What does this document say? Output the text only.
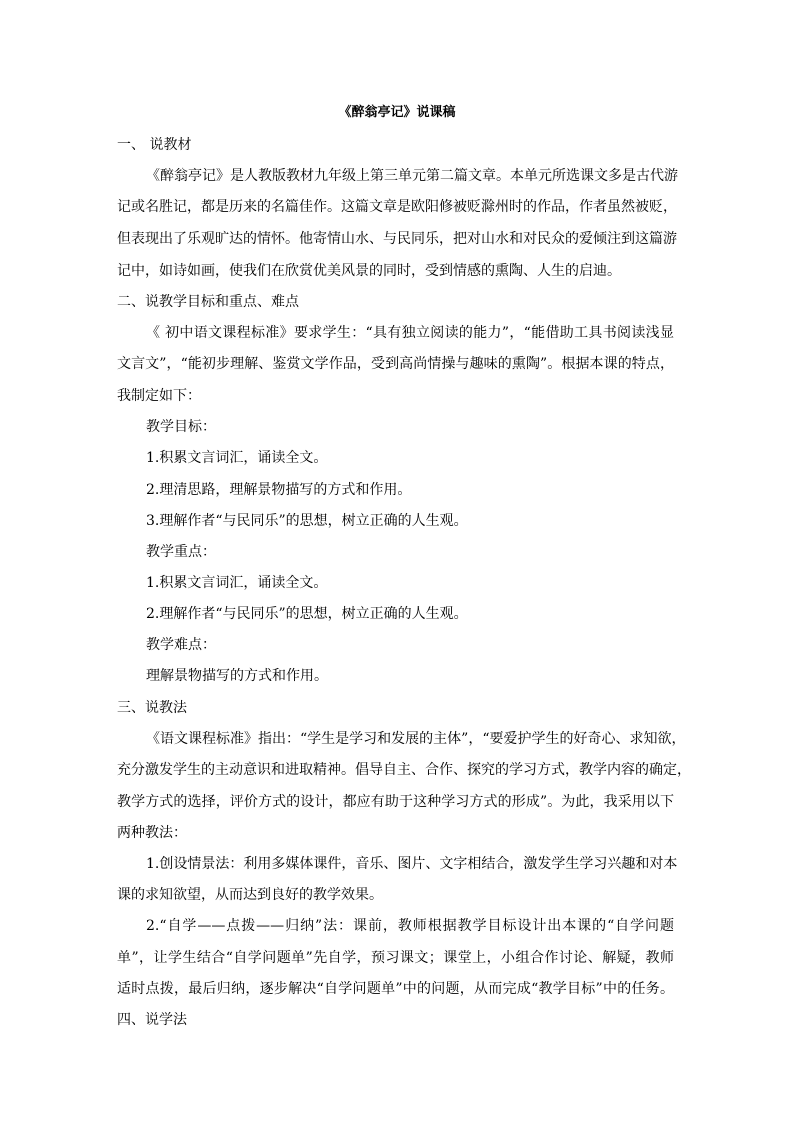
《醉翁亭记》说课稿
一、 说教材
《醉翁亭记》是人教版教材九年级上第三单元第二篇文章。本单元所选课文多是古代游
记或名胜记，都是历来的名篇佳作。这篇文章是欧阳修被贬滁州时的作品，作者虽然被贬，
但表现出了乐观旷达的情怀。他寄情山水、与民同乐，把对山水和对民众的爱倾注到这篇游
记中，如诗如画，使我们在欣赏优美风景的同时，受到情感的熏陶、人生的启迪。
二、说教学目标和重点、难点
《 初中语文课程标准》要求学生：“具有独立阅读的能力”，“能借助工具书阅读浅显
文言文”，“能初步理解、鉴赏文学作品，受到高尚情操与趣味的熏陶”。根据本课的特点，
我制定如下：
教学目标：
1.积累文言词汇，诵读全文。
2.理清思路，理解景物描写的方式和作用。
3.理解作者“与民同乐”的思想，树立正确的人生观。
教学重点：
1.积累文言词汇，诵读全文。
2.理解作者“与民同乐”的思想，树立正确的人生观。
教学难点：
理解景物描写的方式和作用。
三、说教法
《语文课程标准》指出：“学生是学习和发展的主体”，“要爱护学生的好奇心、求知欲，
充分激发学生的主动意识和进取精神。倡导自主、合作、探究的学习方式，教学内容的确定，
教学方式的选择，评价方式的设计，都应有助于这种学习方式的形成”。为此，我采用以下
两种教法：
1.创设情景法：利用多媒体课件，音乐、图片、文字相结合，激发学生学习兴趣和对本
课的求知欲望，从而达到良好的教学效果。
2.“自学——点拨——归纳”法：课前，教师根据教学目标设计出本课的“自学问题
单”，让学生结合“自学问题单”先自学，预习课文；课堂上，小组合作讨论、解疑，教师
适时点拨，最后归纳，逐步解决“自学问题单”中的问题，从而完成“教学目标”中的任务。
四、说学法
